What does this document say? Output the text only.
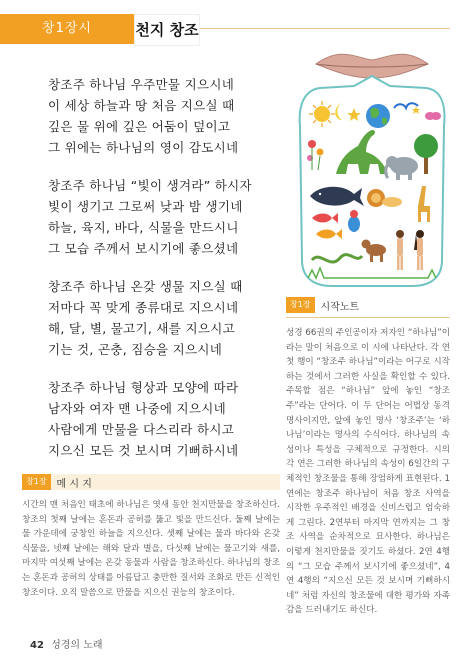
창1장시	천지 창조
창조주 하나님 우주만물 지으시네
이 세상 하늘과 땅 처음 지으실 때
깊은 물 위에 깊은 어둠이 덮이고
그 위에는 하나님의 영이 감도시네
창조주 하나님 “빛이 생겨라” 하시자
빛이 생기고 그로써 낮과 밤 생기네
하늘, 육지, 바다, 식물을 만드시니
그 모습 주께서 보시기에 좋으셨네
창조주 하나님 온갖 생물 지으실 때
저마다 꼭 맞게 종류대로 지으시네
해, 달, 별, 물고기, 새를 지으시고
기는 것, 곤충, 짐승을 지으시네
창조주 하나님 형상과 모양에 따라
남자와 여자 맨 나중에 지으시네
사람에게 만물을 다스리라 하시고
지으신 모든 것 보시며 기뻐하시네
창1장	시작노트
성경 66권의 주인공이자 저자인 “하나님”이라는 말이 처음으로 이 시에 나타난다. 각 연 첫 행이 “창조주 하나님”이라는 어구로 시작하는 것에서 그러한 사실을 확인할 수 있다. 주목할 점은 “하나님” 앞에 놓인 “창조주”라는 단어다. 이 두 단어는 어법상 동격 명사이지만, 앞에 놓인 명사 ‘창조주’는 ‘하나님’이라는 명사의 수식어다. 하나님의 속성이나 특성을 구체적으로 규정한다. 시의 각 연은 그러한 하나님의 속성이 6일간의 구체적인 창조물을 통해 장엄하게 표현된다. 1연에는 창조주 하나님이 처음 창조 사역을 시작한 우주적인 배경을 신비스럽고 엄숙하게 그린다. 2연부터 마지막 연까지는 그 창조 사역을 순차적으로 묘사한다. 하나님은 이렇게 천지만물을 짓기도 하셨다. 2연 4행의 “그 모습 주께서 보시기에 좋으셨네”, 4연 4행의 “지으신 모든 것 보시며 기뻐하시네” 처럼 자신의 창조물에 대한 평가와 자족감을 드러내기도 하신다.
창1장	메 시 지
시간의 맨 처음인 태초에 하나님은 엿새 동안 천지만물을 창조하신다. 창조의 첫째 날에는 혼돈과 공허를 뚫고 빛을 만드신다. 둘째 날에는 물 가운데에 궁창인 하늘을 지으신다. 셋째 날에는 물과 바다와 온갖 식물을, 넷째 날에는 해와 달과 별을, 다섯째 날에는 물고기와 새를, 마지막 여섯째 날에는 온갖 동물과 사람을 창조하신다. 하나님의 창조는 혼돈과 공허의 상태를 아름답고 충만한 질서와 조화로 만든 신적인 창조이다. 오직 말씀으로 만물을 지으신 권능의 창조이다.
42 성경의 노래
